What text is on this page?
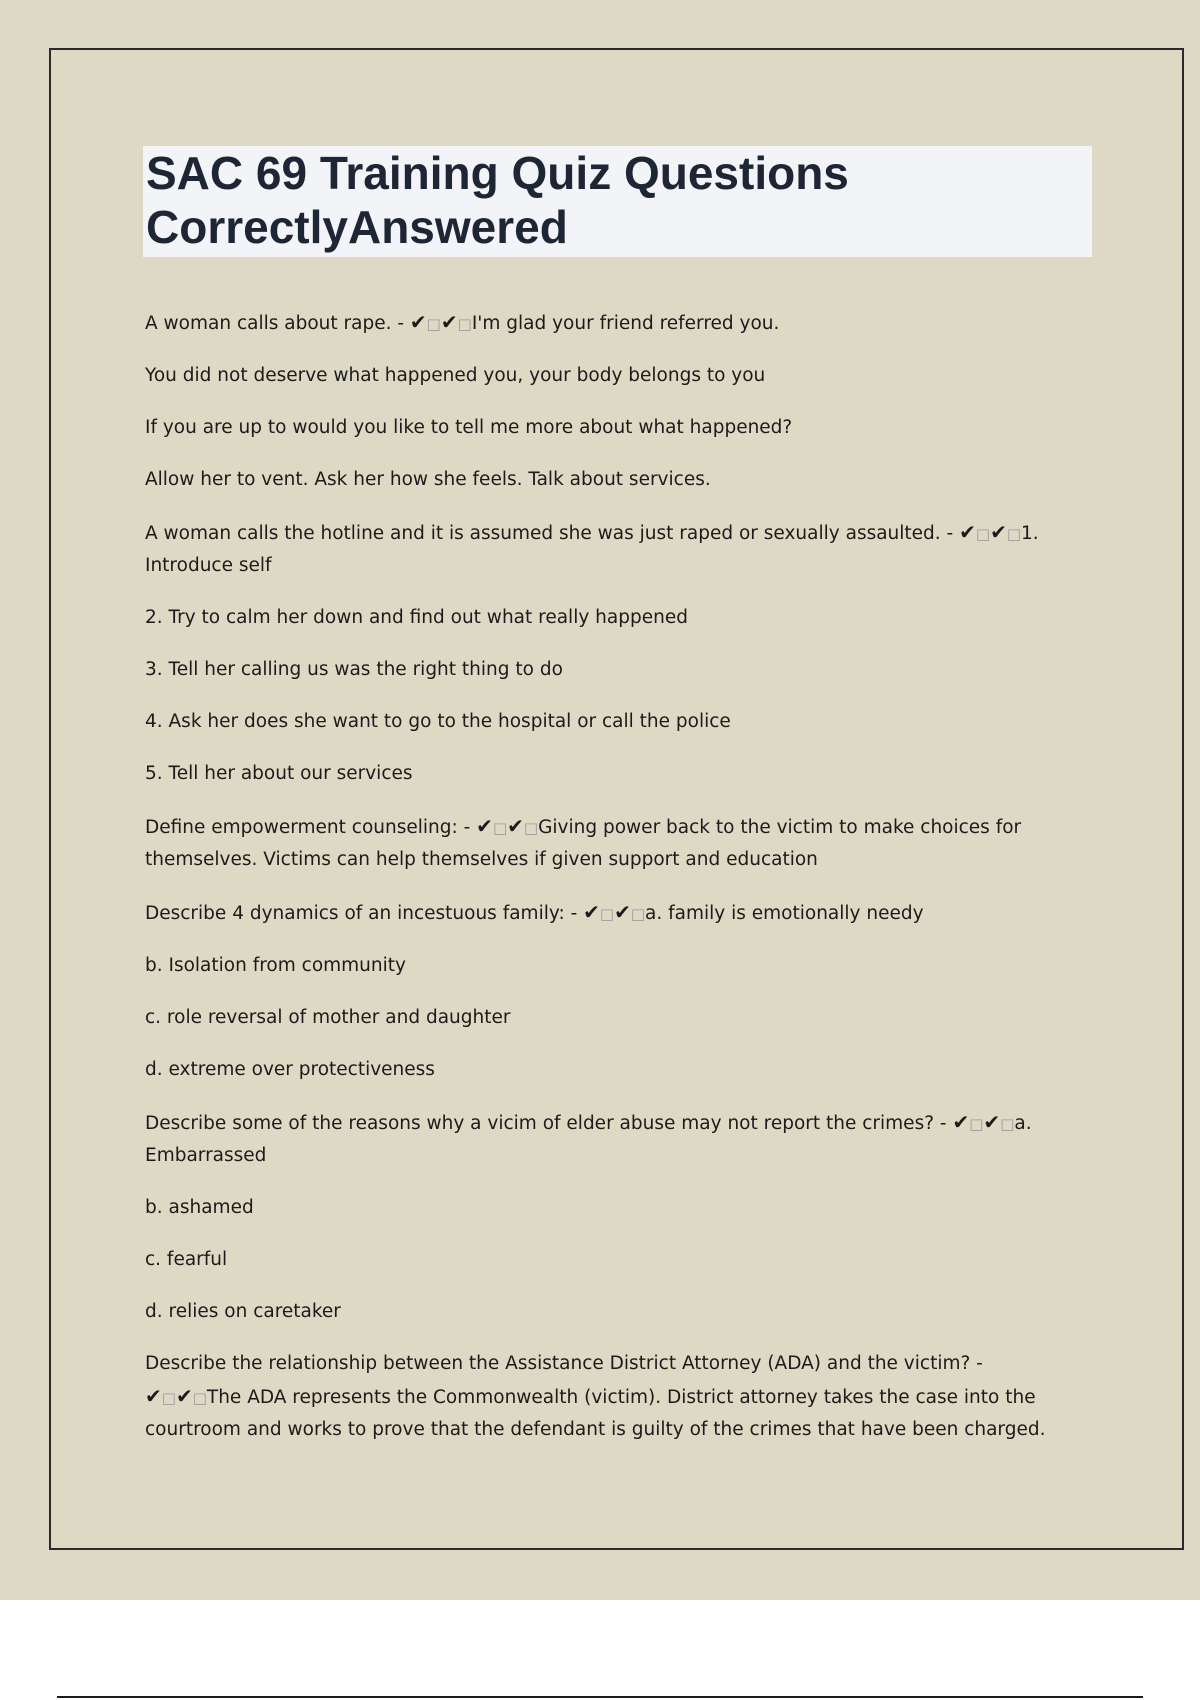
SAC 69 Training Quiz Questions CorrectlyAnswered

A woman calls about rape. - ✔□✔□I'm glad your friend referred you.

You did not deserve what happened you, your body belongs to you

If you are up to would you like to tell me more about what happened?

Allow her to vent. Ask her how she feels. Talk about services.

A woman calls the hotline and it is assumed she was just raped or sexually assaulted. - ✔□✔□1. Introduce self

2. Try to calm her down and find out what really happened

3. Tell her calling us was the right thing to do

4. Ask her does she want to go to the hospital or call the police

5. Tell her about our services

Define empowerment counseling: - ✔□✔□Giving power back to the victim to make choices for themselves. Victims can help themselves if given support and education

Describe 4 dynamics of an incestuous family: - ✔□✔□a. family is emotionally needy

b. Isolation from community

c. role reversal of mother and daughter

d. extreme over protectiveness

Describe some of the reasons why a vicim of elder abuse may not report the crimes? - ✔□✔□a. Embarrassed

b. ashamed

c. fearful

d. relies on caretaker

Describe the relationship between the Assistance District Attorney (ADA) and the victim? - ✔□✔□The ADA represents the Commonwealth (victim). District attorney takes the case into the courtroom and works to prove that the defendant is guilty of the crimes that have been charged.
